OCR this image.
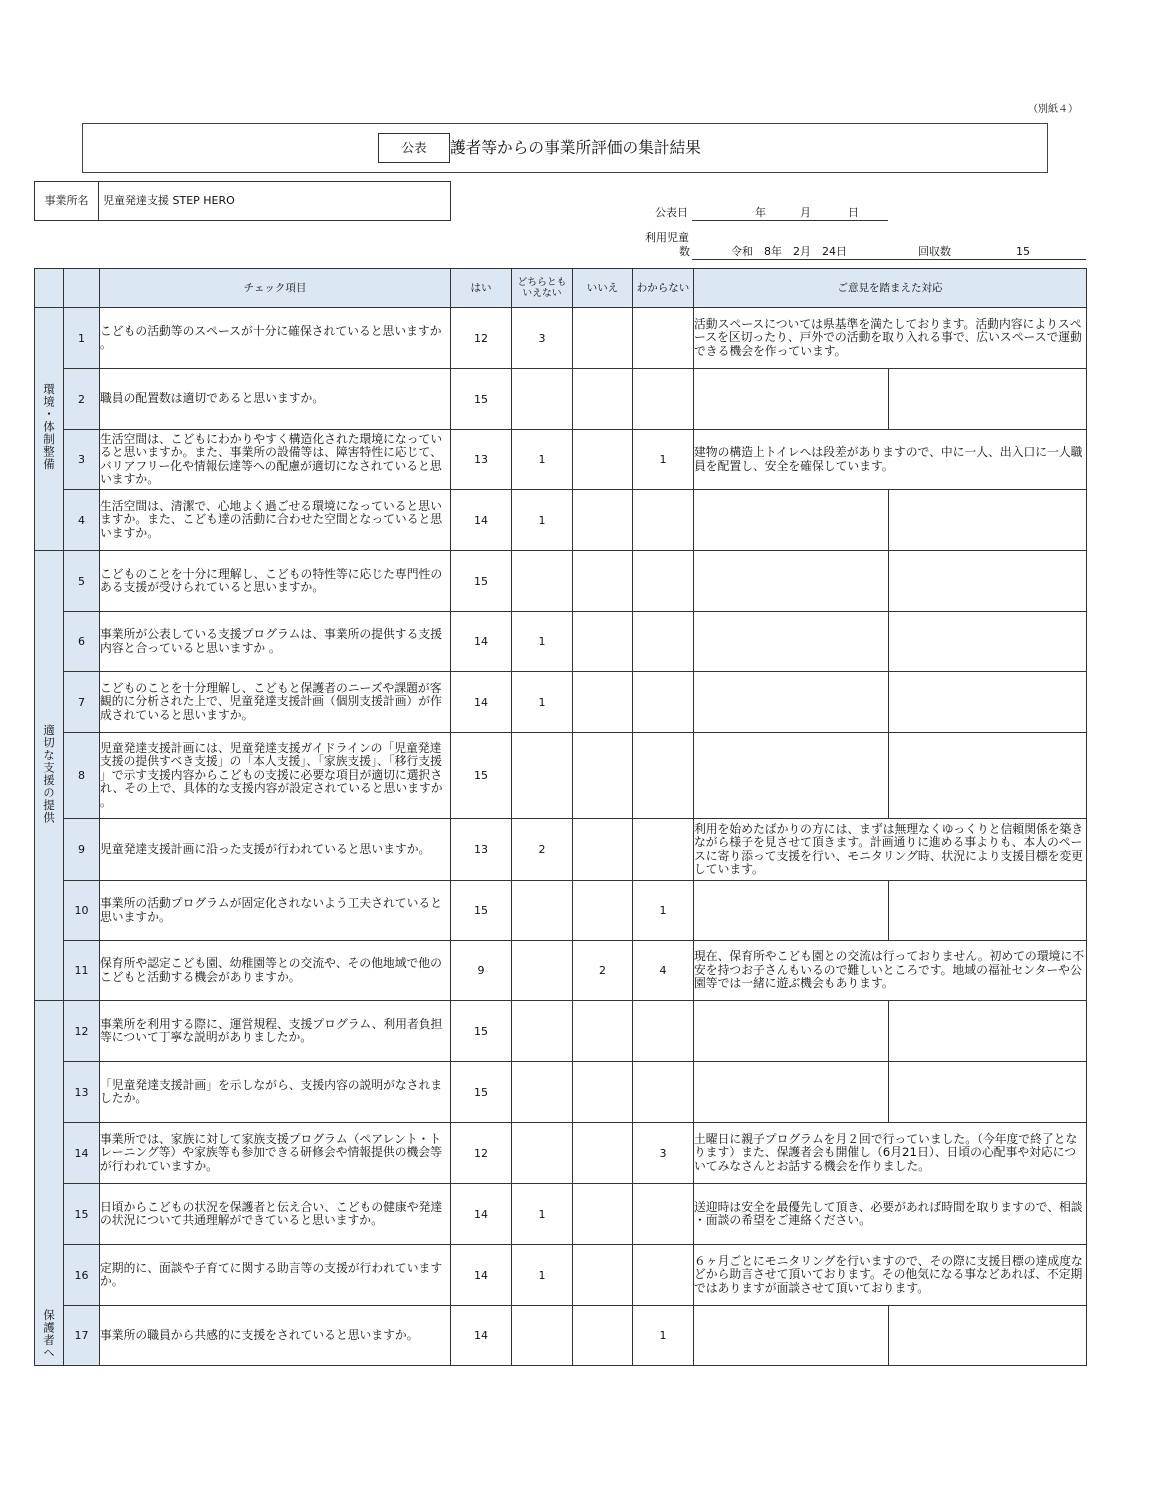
（別紙４）
公表	護者等からの事業所評価の集計結果
事業所名	児童発達支援 STEP HERO
公表日	年	月	日
利用児童
数	令和　8年　2月　24日	回収数	15
		チェック項目	はい	どちらとも
いえない	いいえ	わからない	ご意見を踏まえた対応	
環境・体制整備	1	こどもの活動等のスペースが十分に確保されていると思いますか。	12	3			活動スペースについては県基準を満たしております。活動内容によりスペースを区切ったり、戸外での活動を取り入れる事で、広いスペースで運動できる機会を作っています。	
	2	職員の配置数は適切であると思いますか。	15					
	3	生活空間は、こどもにわかりやすく構造化された環境になっていると思いますか。また、事業所の設備等は、障害特性に応じて、バリアフリー化や情報伝達等への配慮が適切になされていると思いますか。	13	1		1	建物の構造上トイレへは段差がありますので、中に一人、出入口に一人職員を配置し、安全を確保しています。	
	4	生活空間は、清潔で、心地よく過ごせる環境になっていると思いますか。また、こども達の活動に合わせた空間となっていると思いますか。	14	1				
適切な支援の提供	5	こどものことを十分に理解し、こどもの特性等に応じた専門性のある支援が受けられていると思いますか。	15					
	6	事業所が公表している支援プログラムは、事業所の提供する支援内容と合っていると思いますか 。	14	1				
	7	こどものことを十分理解し、こどもと保護者のニーズや課題が客観的に分析された上で、児童発達支援計画（個別支援計画）が作成されていると思いますか。	14	1				
	8	児童発達支援計画には、児童発達支援ガイドラインの「児童発達支援の提供すべき支援」の「本人支援」、「家族支援」、「移行支援 」で示す支援内容からこどもの支援に必要な項目が適切に選択され、その上で、具体的な支援内容が設定されていると思いますか。	15					
	9	児童発達支援計画に沿った支援が行われていると思いますか。	13	2			利用を始めたばかりの方には、まずは無理なくゆっくりと信頼関係を築きながら様子を見させて頂きます。計画通りに進める事よりも、本人のペースに寄り添って支援を行い、モニタリング時、状況により支援目標を変更しています。	
	10	事業所の活動プログラムが固定化されないよう工夫されていると思いますか。	15			1		
	11	保育所や認定こども園、幼稚園等との交流や、その他地域で他のこどもと活動する機会がありますか。	9		2	4	現在、保育所やこども園との交流は行っておりません。初めての環境に不安を持つお子さんもいるので難しいところです。地域の福祉センターや公園等では一緒に遊ぶ機会もあります。	
保護者へ	12	事業所を利用する際に、運営規程、支援プログラム、利用者負担等について丁寧な説明がありましたか。	15					
	13	「児童発達支援計画」を示しながら、支援内容の説明がなされましたか。	15					
	14	事業所では、家族に対して家族支援プログラム（ペアレント・トレーニング等）や家族等も参加できる研修会や情報提供の機会等が行われていますか。	12			3	土曜日に親子プログラムを月２回で行っていました。（今年度で終了となります）また、保護者会も開催し（6月21日）、日頃の心配事や対応についてみなさんとお話する機会を作りました。	
	15	日頃からこどもの状況を保護者と伝え合い、こどもの健康や発達の状況について共通理解ができていると思いますか。	14	1			送迎時は安全を最優先して頂き、必要があれば時間を取りますので、相談・面談の希望をご連絡ください。	
	16	定期的に、面談や子育てに関する助言等の支援が行われていますか。	14	1			６ヶ月ごとにモニタリングを行いますので、その際に支援目標の達成度などから助言させて頂いております。その他気になる事などあれば、不定期ではありますが面談させて頂いております。	
	17	事業所の職員から共感的に支援をされていると思いますか。	14			1		
